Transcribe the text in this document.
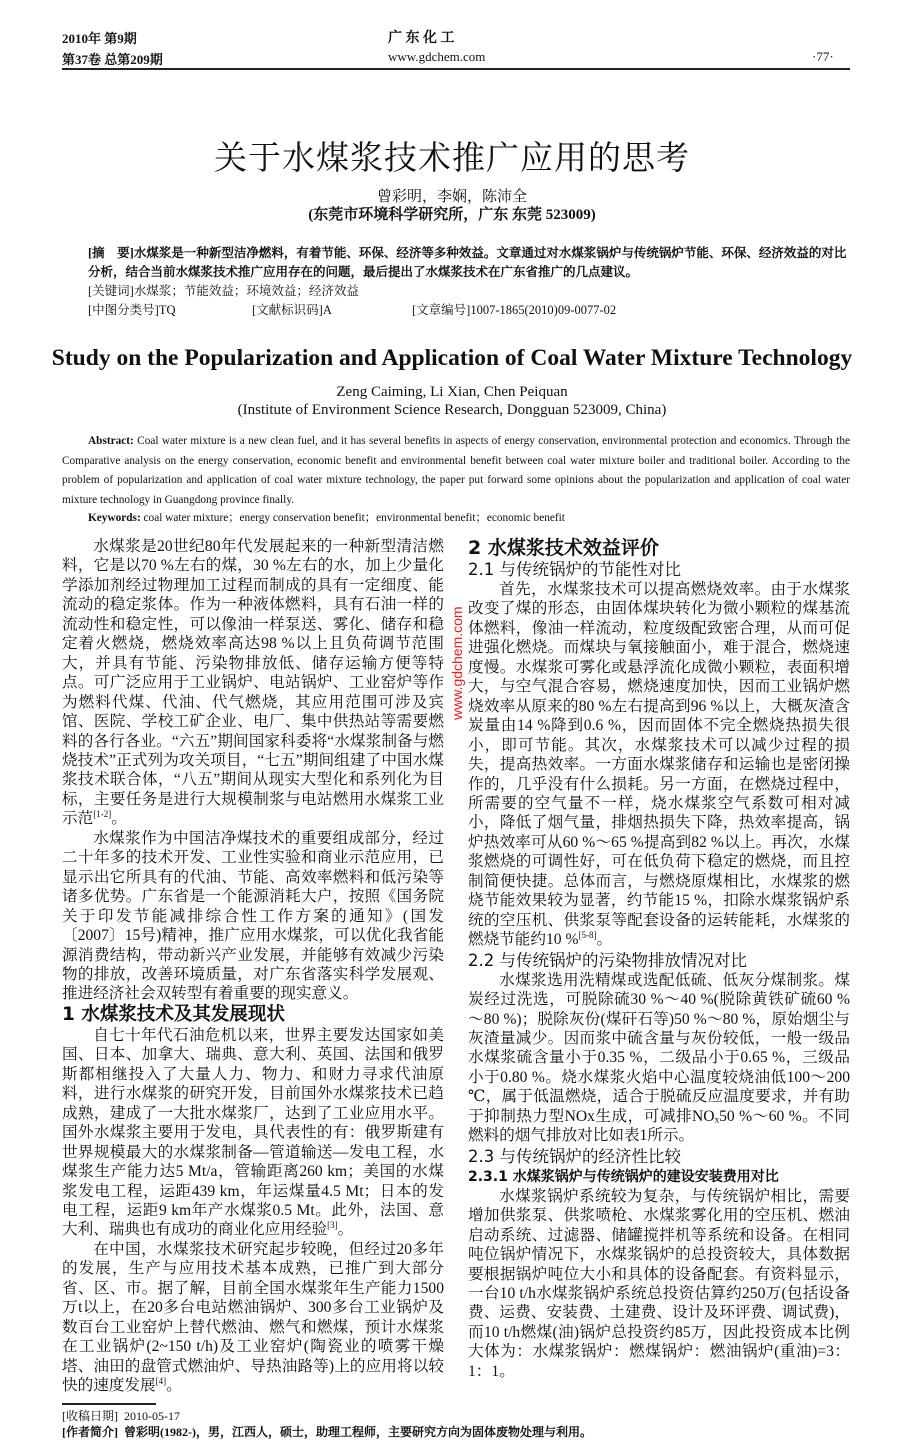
2010年 第9期
第37卷 总第209期
广 东 化 工
www.gdchem.com	·77·
关于水煤浆技术推广应用的思考
曾彩明，李娴，陈沛全
(东莞市环境科学研究所，广东 东莞 523009)
[摘　要]水煤浆是一种新型洁净燃料，有着节能、环保、经济等多种效益。文章通过对水煤浆锅炉与传统锅炉节能、环保、经济效益的对比分析，结合当前水煤浆技术推广应用存在的问题，最后提出了水煤浆技术在广东省推广的几点建议。
[关键词]水煤浆；节能效益；环境效益；经济效益
[中图分类号]TQ	[文献标识码]A	[文章编号]1007-1865(2010)09-0077-02
Study on the Popularization and Application of Coal Water Mixture Technology
Zeng Caiming, Li Xian, Chen Peiquan
(Institute of Environment Science Research, Dongguan 523009, China)
Abstract: Coal water mixture is a new clean fuel, and it has several benefits in aspects of energy conservation, environmental protection and economics. Through the Comparative analysis on the energy conservation, economic benefit and environmental benefit between coal water mixture boiler and traditional boiler. According to the problem of popularization and application of coal water mixture technology, the paper put forward some opinions about the popularization and application of coal water mixture technology in Guangdong province finally.
Keywords: coal water mixture；energy conservation benefit；environmental benefit；economic benefit

水煤浆是20世纪80年代发展起来的一种新型清洁燃料，它是以70 %左右的煤，30 %左右的水，加上少量化学添加剂经过物理加工过程而制成的具有一定细度、能流动的稳定浆体。作为一种液体燃料，具有石油一样的流动性和稳定性，可以像油一样泵送、雾化、储存和稳定着火燃烧，燃烧效率高达98 %以上且负荷调节范围大，并具有节能、污染物排放低、储存运输方便等特点。可广泛应用于工业锅炉、电站锅炉、工业窑炉等作为燃料代煤、代油、代气燃烧，其应用范围可涉及宾馆、医院、学校工矿企业、电厂、集中供热站等需要燃料的各行各业。“六五”期间国家科委将“水煤浆制备与燃烧技术”正式列为攻关项目，“七五”期间组建了中国水煤浆技术联合体，“八五”期间从现实大型化和系列化为目标，主要任务是进行大规模制浆与电站燃用水煤浆工业示范[1-2]。

水煤浆作为中国洁净煤技术的重要组成部分，经过二十年多的技术开发、工业性实验和商业示范应用，已显示出它所具有的代油、节能、高效率燃料和低污染等诸多优势。广东省是一个能源消耗大户，按照《国务院关于印发节能减排综合性工作方案的通知》(国发〔2007〕15号)精神，推广应用水煤浆，可以优化我省能源消费结构，带动新兴产业发展，并能够有效减少污染物的排放，改善环境质量，对广东省落实科学发展观、推进经济社会双转型有着重要的现实意义。

1 水煤浆技术及其发展现状

自七十年代石油危机以来，世界主要发达国家如美国、日本、加拿大、瑞典、意大利、英国、法国和俄罗斯都相继投入了大量人力、物力、和财力寻求代油原料，进行水煤浆的研究开发，目前国外水煤浆技术已趋成熟，建成了一大批水煤浆厂，达到了工业应用水平。国外水煤浆主要用于发电，具代表性的有：俄罗斯建有世界规模最大的水煤浆制备—管道输送—发电工程，水煤浆生产能力达5 Mt/a，管输距离260 km；美国的水煤浆发电工程，运距439 km，年运煤量4.5 Mt；日本的发电工程，运距9 km年产水煤浆0.5 Mt。此外，法国、意大利、瑞典也有成功的商业化应用经验[3]。

在中国，水煤浆技术研究起步较晚，但经过20多年的发展，生产与应用技术基本成熟，已推广到大部分省、区、市。据了解，目前全国水煤浆年生产能力1500万t以上，在20多台电站燃油锅炉、300多台工业锅炉及数百台工业窑炉上替代燃油、燃气和燃煤，预计水煤浆在工业锅炉(2~150 t/h)及工业窑炉(陶瓷业的喷雾干燥塔、油田的盘管式燃油炉、导热油路等)上的应用将以较快的速度发展[4]。

2 水煤浆技术效益评价
2.1 与传统锅炉的节能性对比

首先，水煤浆技术可以提高燃烧效率。由于水煤浆改变了煤的形态，由固体煤块转化为微小颗粒的煤基流体燃料，像油一样流动，粒度级配致密合理，从而可促进强化燃烧。而煤块与氧接触面小，难于混合，燃烧速度慢。水煤浆可雾化或悬浮流化成微小颗粒，表面积增大，与空气混合容易，燃烧速度加快，因而工业锅炉燃烧效率从原来的80 %左右提高到96 %以上，大概灰渣含炭量由14 %降到0.6 %，因而固体不完全燃烧热损失很小，即可节能。其次，水煤浆技术可以减少过程的损失，提高热效率。一方面水煤浆储存和运输也是密闭操作的，几乎没有什么损耗。另一方面，在燃烧过程中，所需要的空气量不一样，烧水煤浆空气系数可相对减小，降低了烟气量，排烟热损失下降，热效率提高，锅炉热效率可从60 %～65 %提高到82 %以上。再次，水煤浆燃烧的可调性好，可在低负荷下稳定的燃烧，而且控制简便快捷。总体而言，与燃烧原煤相比，水煤浆的燃烧节能效果较为显著，约节能15 %，扣除水煤浆锅炉系统的空压机、供浆泵等配套设备的运转能耗，水煤浆的燃烧节能约10 %[5-8]。

2.2 与传统锅炉的污染物排放情况对比

水煤浆选用洗精煤或选配低硫、低灰分煤制浆。煤炭经过洗选，可脱除硫30 %～40 %(脱除黄铁矿硫60 %～80 %)；脱除灰份(煤矸石等)50 %～80 %，原始烟尘与灰渣量减少。因而浆中硫含量与灰份较低，一般一级品水煤浆硫含量小于0.35 %，二级品小于0.65 %，三级品小于0.80 %。烧水煤浆火焰中心温度较烧油低100～200 ℃，属于低温燃烧，适合于脱硫反应温度要求，并有助于抑制热力型NOx生成，可减排NOₓ50 %～60 %。不同燃料的烟气排放对比如表1所示。

2.3 与传统锅炉的经济性比较
2.3.1 水煤浆锅炉与传统锅炉的建设安装费用对比

水煤浆锅炉系统较为复杂，与传统锅炉相比，需要增加供浆泵、供浆喷枪、水煤浆雾化用的空压机、燃油启动系统、过滤器、储罐搅拌机等系统和设备。在相同吨位锅炉情况下，水煤浆锅炉的总投资较大，具体数据要根据锅炉吨位大小和具体的设备配套。有资料显示，一台10 t/h水煤浆锅炉系统总投资估算约250万(包括设备费、运费、安装费、土建费、设计及环评费、调试费)，而10 t/h燃煤(油)锅炉总投资约85万，因此投资成本比例大体为：水煤浆锅炉：燃煤锅炉：燃油锅炉(重油)=3：1：1。

[收稿日期] 2010-05-17
[作者简介] 曾彩明(1982-)，男，江西人，硕士，助理工程师，主要研究方向为固体废物处理与利用。
www.gdchem.com
